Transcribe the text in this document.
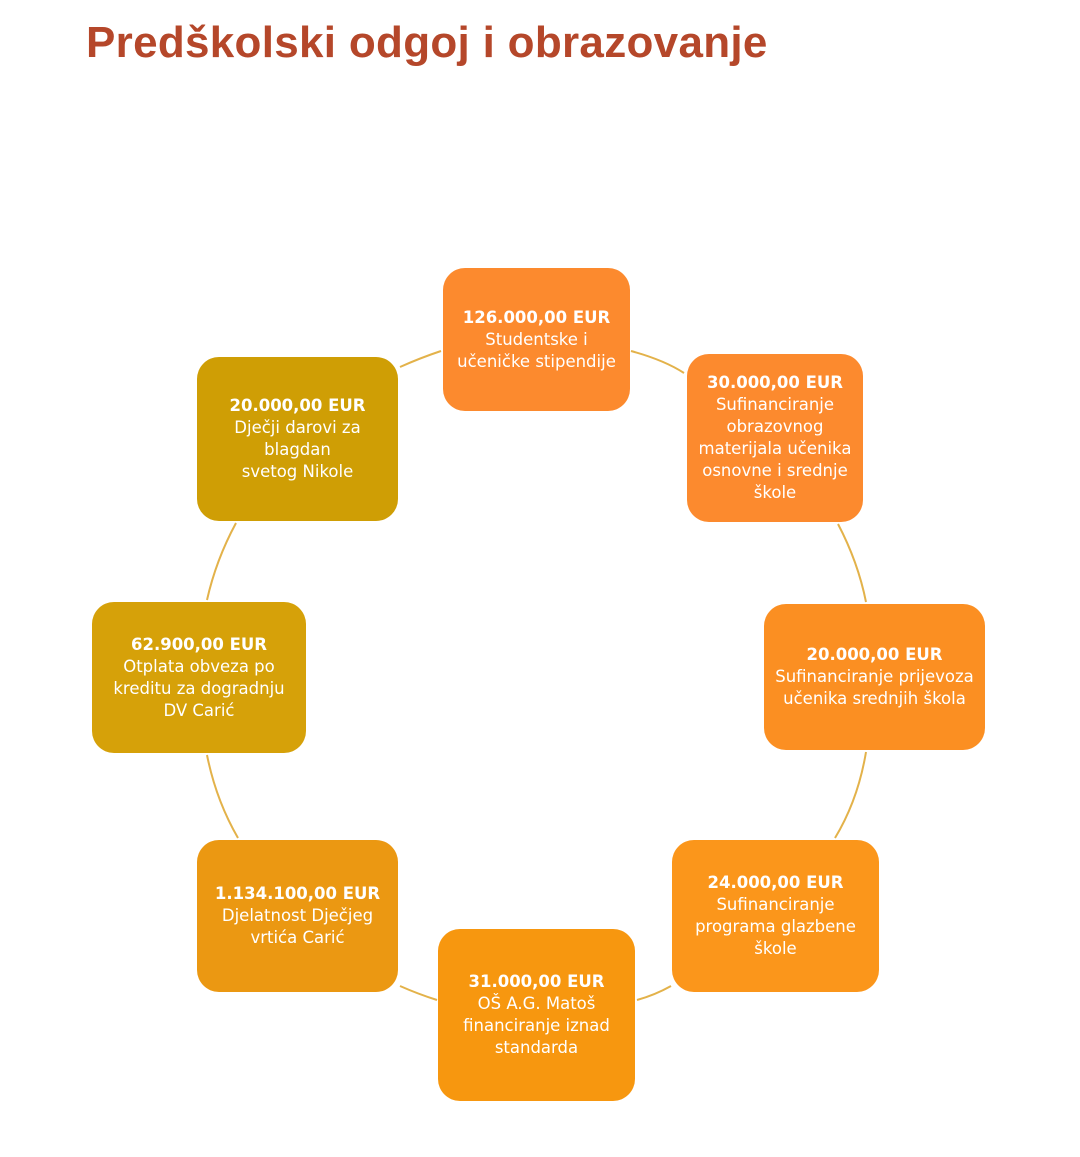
Predškolski odgoj i obrazovanje
126.000,00 EUR
Studentske i
učeničke stipendije
30.000,00 EUR
Sufinanciranje
obrazovnog
materijala učenika
osnovne i srednje
škole
20.000,00 EUR
Sufinanciranje prijevoza
učenika srednjih škola
24.000,00 EUR
Sufinanciranje
programa glazbene
škole
31.000,00 EUR
OŠ A.G. Matoš
financiranje iznad
standarda
1.134.100,00 EUR
Djelatnost Dječjeg
vrtića Carić
62.900,00 EUR
Otplata obveza po
kreditu za dogradnju
DV Carić
20.000,00 EUR
Dječji darovi za blagdan
svetog Nikole
